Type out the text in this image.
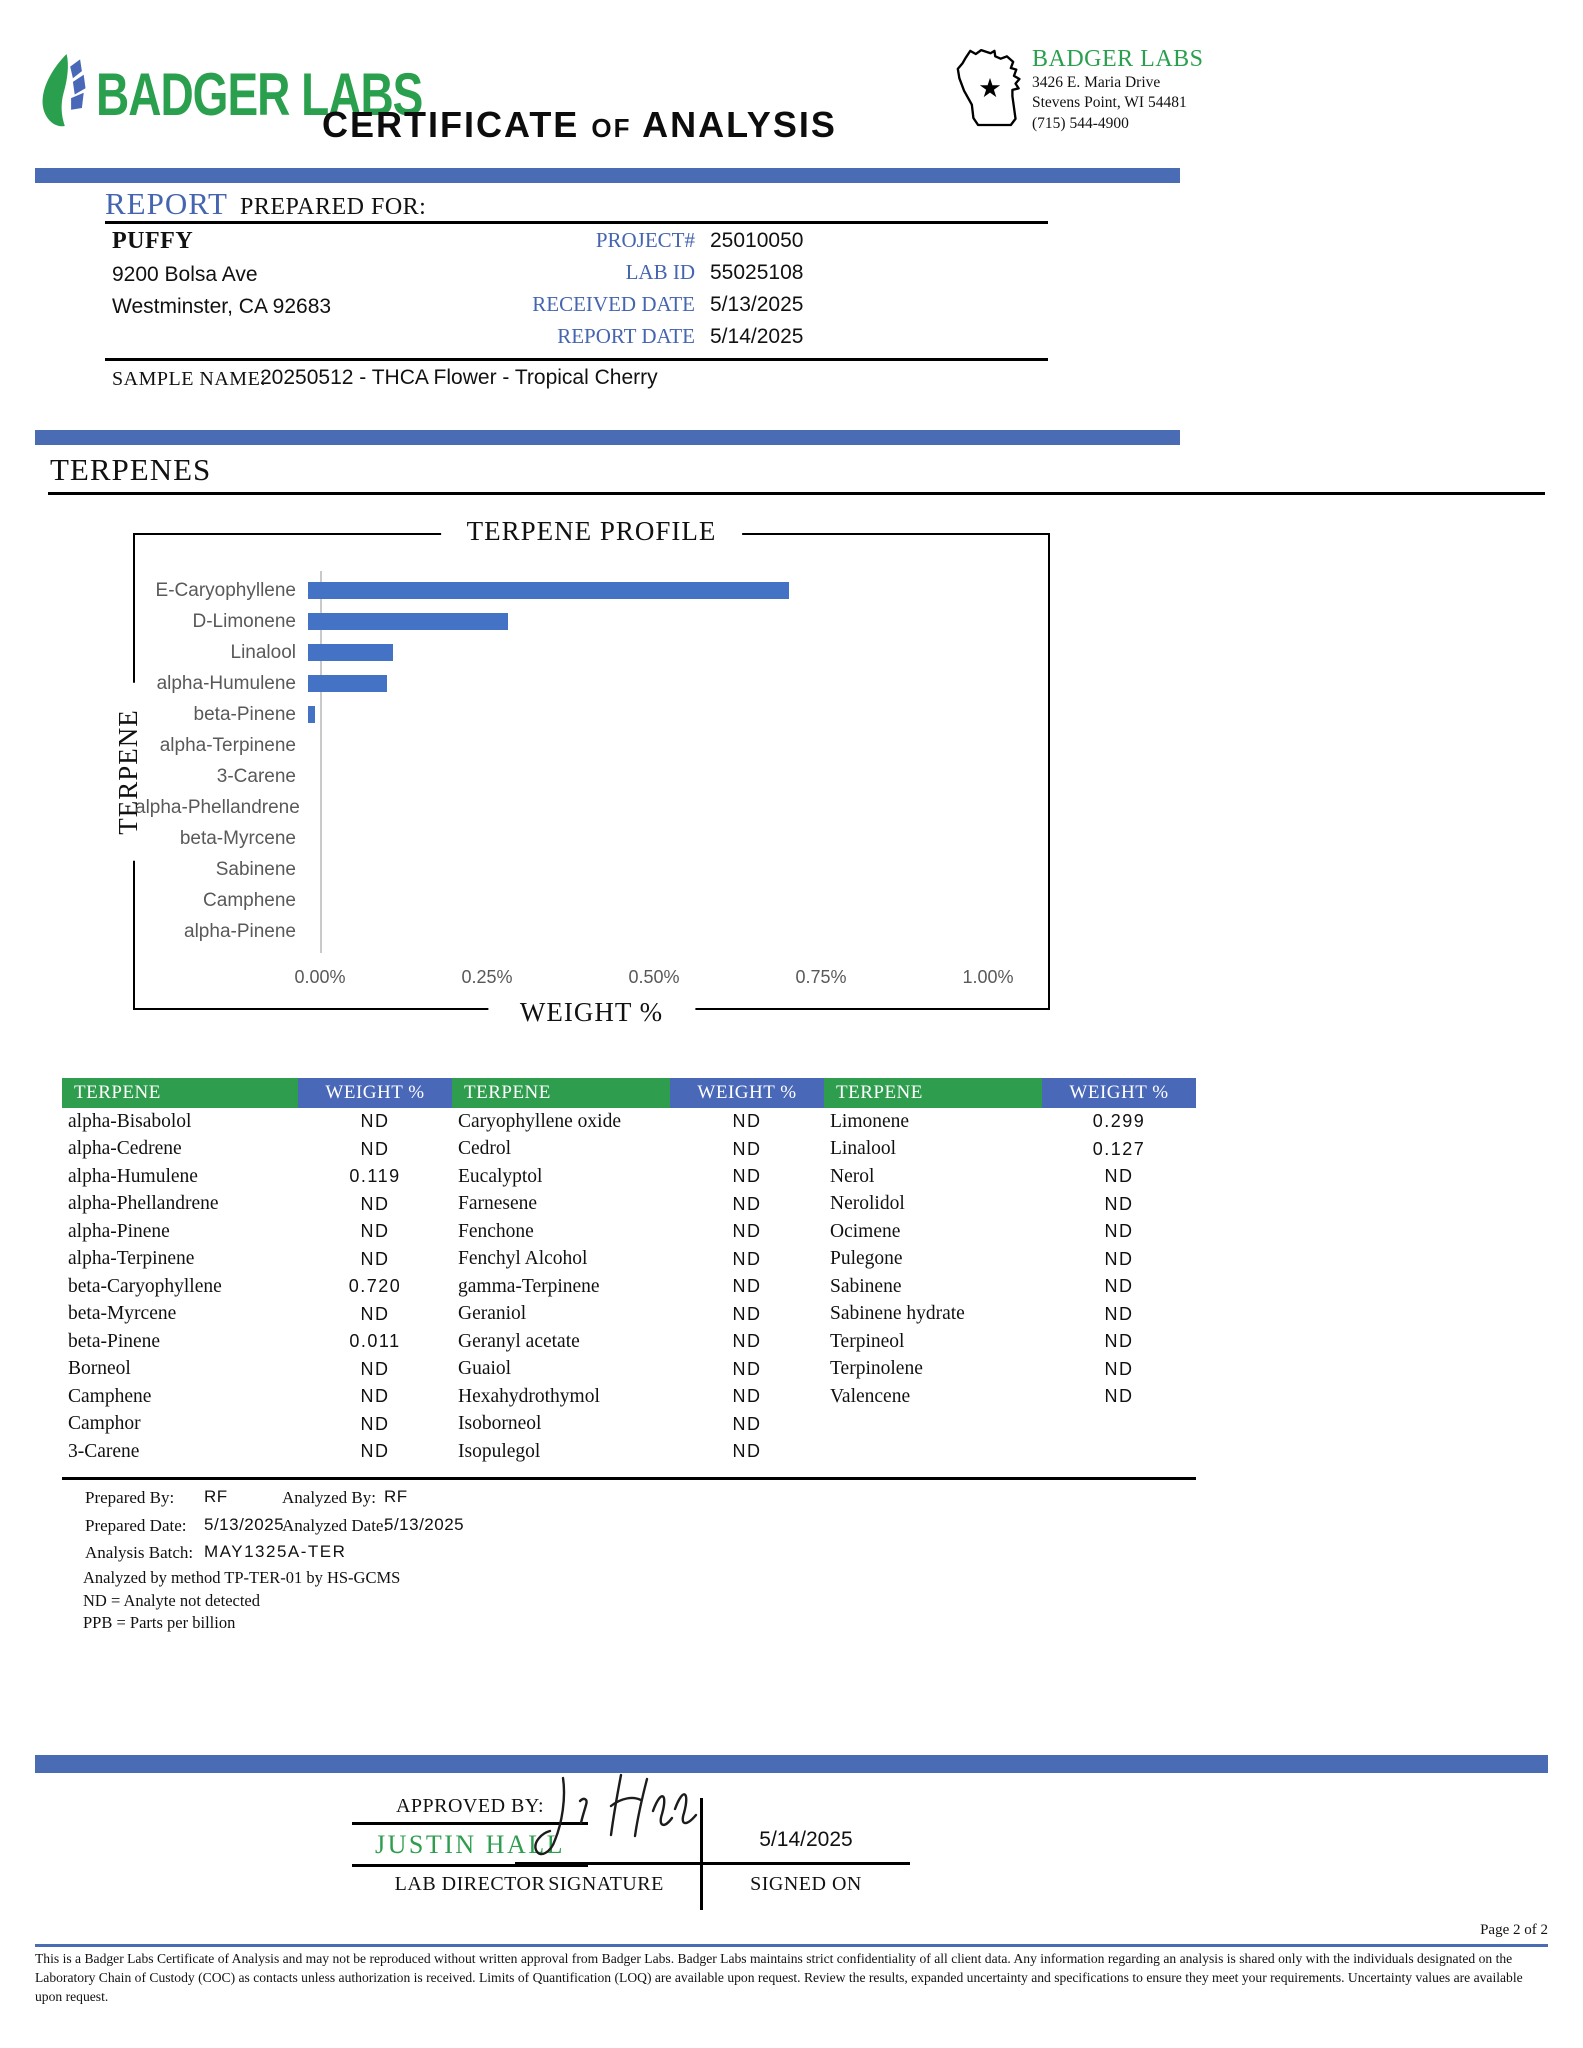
BADGER LABS
CERTIFICATE OF ANALYSIS
★
BADGER LABS
3426 E. Maria Drive
Stevens Point, WI 54481
(715) 544-4900
REPORT PREPARED FOR:
PUFFY
9200 Bolsa Ave
Westminster, CA 92683
PROJECT# 25010050
LAB ID 55025108
RECEIVED DATE 5/13/2025
REPORT DATE 5/14/2025
SAMPLE NAME:
20250512 - THCA Flower - Tropical Cherry
TERPENES
TERPENE PROFILE
TERPENE
WEIGHT %
E-Caryophyllene
D-Limonene
Linalool
alpha-Humulene
beta-Pinene
alpha-Terpinene
3-Carene
alpha-Phellandrene
beta-Myrcene
Sabinene
Camphene
alpha-Pinene
0.00%	0.25%	0.50%	0.75%	1.00%
TERPENE	WEIGHT %
alpha-Bisabolol	ND
alpha-Cedrene	ND
alpha-Humulene	0.119
alpha-Phellandrene	ND
alpha-Pinene	ND
alpha-Terpinene	ND
beta-Caryophyllene	0.720
beta-Myrcene	ND
beta-Pinene	0.011
Borneol	ND
Camphene	ND
Camphor	ND
3-Carene	ND
TERPENE	WEIGHT %
Caryophyllene oxide	ND
Cedrol	ND
Eucalyptol	ND
Farnesene	ND
Fenchone	ND
Fenchyl Alcohol	ND
gamma-Terpinene	ND
Geraniol	ND
Geranyl acetate	ND
Guaiol	ND
Hexahydrothymol	ND
Isoborneol	ND
Isopulegol	ND
TERPENE	WEIGHT %
Limonene	0.299
Linalool	0.127
Nerol	ND
Nerolidol	ND
Ocimene	ND
Pulegone	ND
Sabinene	ND
Sabinene hydrate	ND
Terpineol	ND
Terpinolene	ND
Valencene	ND
Prepared By: RF	Analyzed By: RF
Prepared Date: 5/13/2025
Analyzed Date:
5/13/2025
Analysis Batch: MAY1325A-TER
Analyzed by method TP-TER-01 by HS-GCMS
ND = Analyte not detected
PPB = Parts per billion
APPROVED BY:
JUSTIN HALL
LAB DIRECTOR
5/14/2025
SIGNATURE	SIGNED ON
Page 2 of 2
This is a Badger Labs Certificate of Analysis and may not be reproduced without written approval from Badger Labs. Badger Labs maintains strict confidentiality of all client data. Any information regarding an analysis is shared only with the individuals designated on the Laboratory Chain of Custody (COC) as contacts unless authorization is received. Limits of Quantification (LOQ) are available upon request. Review the results, expanded uncertainty and specifications to ensure they meet your requirements. Uncertainty values are available upon request.
